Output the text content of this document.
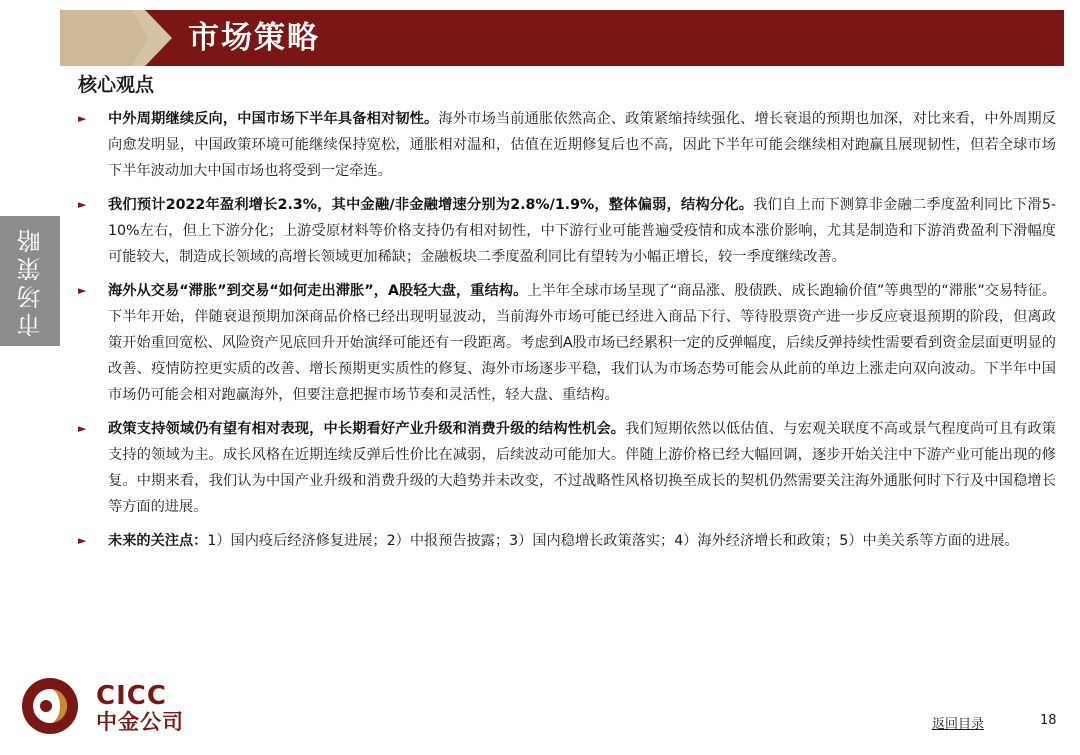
市场策略
市场策略
核心观点
► 中外周期继续反向，中国市场下半年具备相对韧性。海外市场当前通胀依然高企、政策紧缩持续强化、增长衰退的预期也加深，对比来看，中外周期反向愈发明显，中国政策环境可能继续保持宽松，通胀相对温和，估值在近期修复后也不高，因此下半年可能会继续相对跑赢且展现韧性，但若全球市场下半年波动加大中国市场也将受到一定牵连。
► 我们预计2022年盈利增长2.3%，其中金融/非金融增速分别为2.8%/1.9%，整体偏弱，结构分化。我们自上而下测算非金融二季度盈利同比下滑5-10%左右，但上下游分化；上游受原材料等价格支持仍有相对韧性，中下游行业可能普遍受疫情和成本涨价影响，尤其是制造和下游消费盈利下滑幅度可能较大，制造成长领域的高增长领域更加稀缺；金融板块二季度盈利同比有望转为小幅正增长，较一季度继续改善。
► 海外从交易“滞胀”到交易“如何走出滞胀”，A股轻大盘，重结构。上半年全球市场呈现了“商品涨、股债跌、成长跑输价值”等典型的“滞胀”交易特征。下半年开始，伴随衰退预期加深商品价格已经出现明显波动，当前海外市场可能已经进入商品下行、等待股票资产进一步反应衰退预期的阶段，但离政策开始重回宽松、风险资产见底回升开始演绎可能还有一段距离。考虑到A股市场已经累积一定的反弹幅度，后续反弹持续性需要看到资金层面更明显的改善、疫情防控更实质的改善、增长预期更实质性的修复、海外市场逐步平稳，我们认为市场态势可能会从此前的单边上涨走向双向波动。下半年中国市场仍可能会相对跑赢海外，但要注意把握市场节奏和灵活性，轻大盘、重结构。
► 政策支持领域仍有望有相对表现，中长期看好产业升级和消费升级的结构性机会。我们短期依然以低估值、与宏观关联度不高或景气程度尚可且有政策支持的领域为主。成长风格在近期连续反弹后性价比在减弱，后续波动可能加大。伴随上游价格已经大幅回调，逐步开始关注中下游产业可能出现的修复。中期来看，我们认为中国产业升级和消费升级的大趋势并未改变，不过战略性风格切换至成长的契机仍然需要关注海外通胀何时下行及中国稳增长等方面的进展。
► 未来的关注点：1）国内疫后经济修复进展；2）中报预告披露；3）国内稳增长政策落实；4）海外经济增长和政策；5）中美关系等方面的进展。
CICC
中金公司	返回目录	18
